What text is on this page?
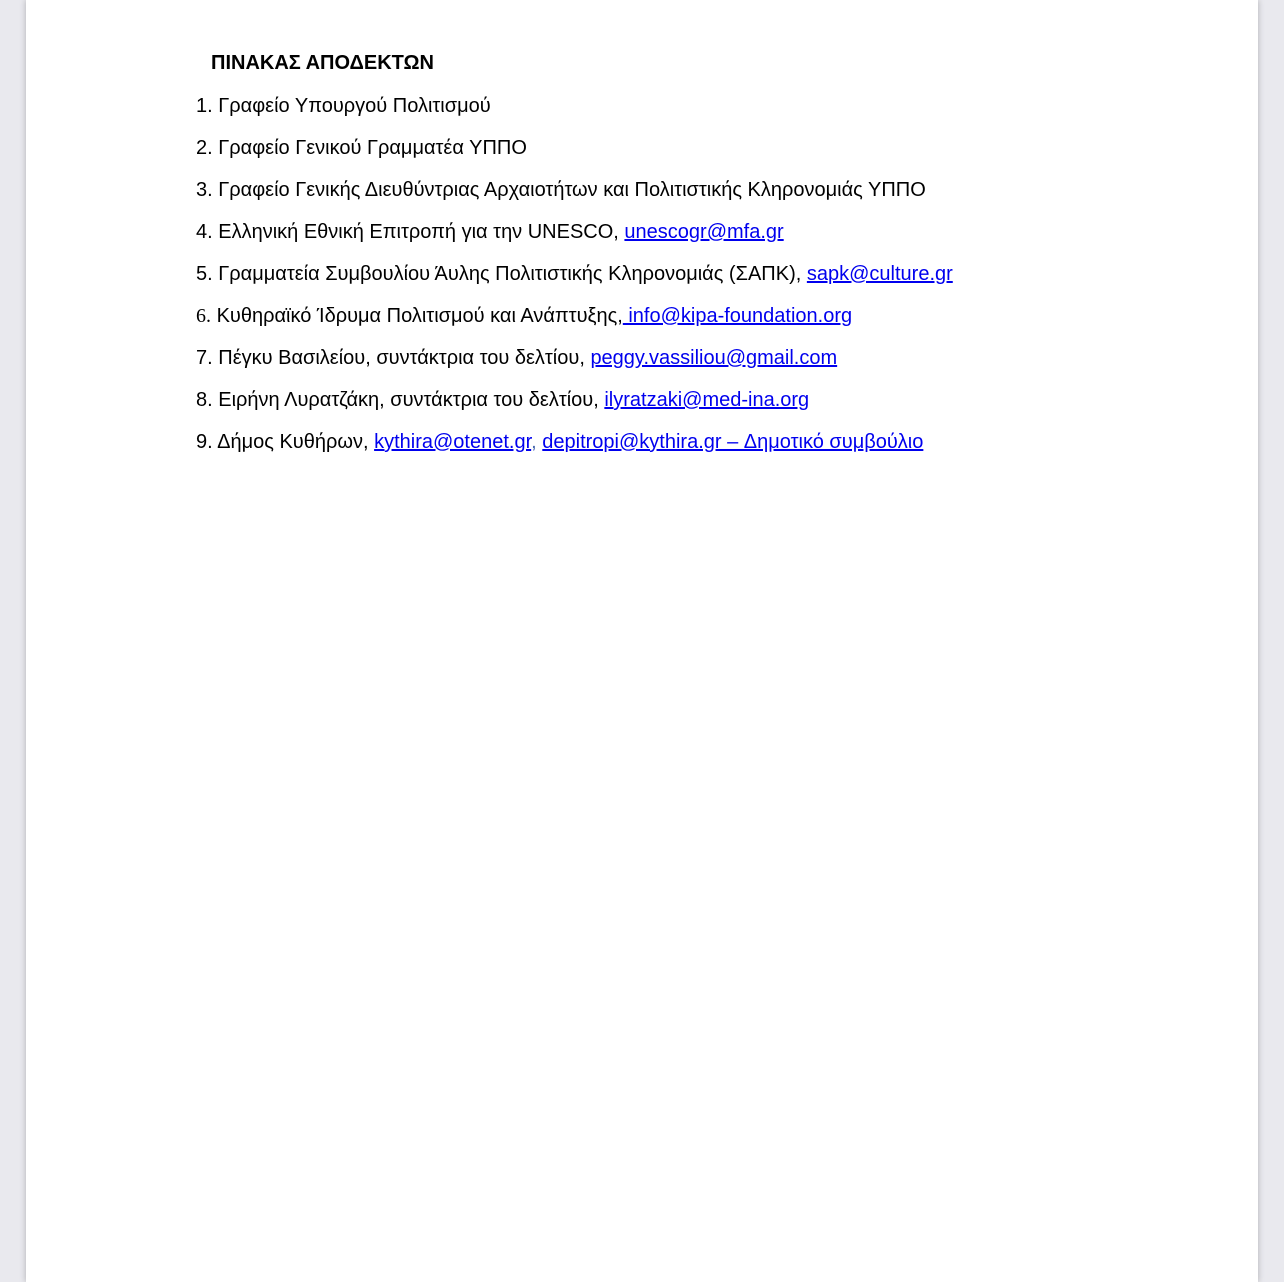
ΠΙΝΑΚΑΣ ΑΠΟΔΕΚΤΩΝ
1. Γραφείο Υπουργού Πολιτισμού
2. Γραφείο Γενικού Γραμματέα ΥΠΠΟ
3. Γραφείο Γενικής Διευθύντριας Αρχαιοτήτων και Πολιτιστικής Κληρονομιάς ΥΠΠΟ
4. Ελληνική Εθνική Επιτροπή για την UNESCO, unescogr@mfa.gr
5. Γραμματεία Συμβουλίου Άυλης Πολιτιστικής Κληρονομιάς (ΣΑΠΚ), sapk@culture.gr
6. Κυθηραϊκό Ίδρυμα Πολιτισμού και Ανάπτυξης, info@kipa-foundation.org
7. Πέγκυ Βασιλείου, συντάκτρια του δελτίου, peggy.vassiliou@gmail.com
8. Ειρήνη Λυρατζάκη, συντάκτρια του δελτίου, ilyratzaki@med-ina.org
9. Δήμος Κυθήρων, kythira@otenet.gr, depitropi@kythira.gr – Δημοτικό συμβούλιο
